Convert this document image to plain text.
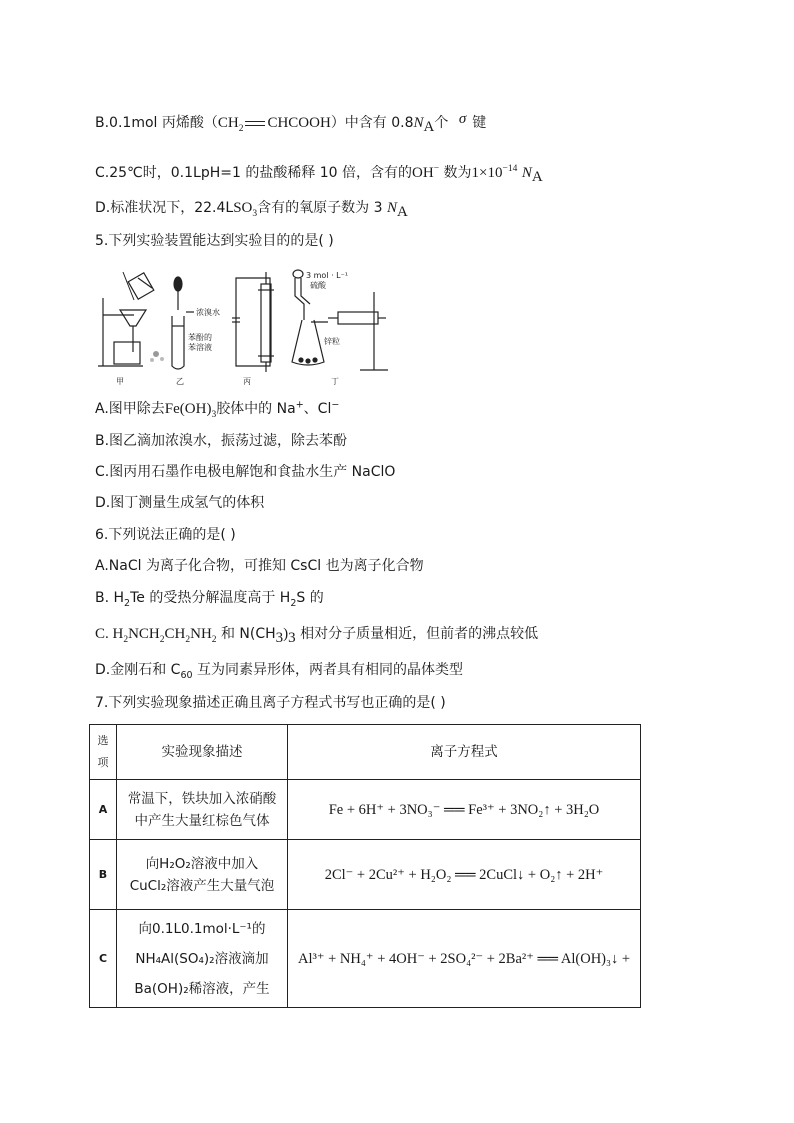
B.0.1mol 丙烯酸（$CH_2$ CHCOOH）中含有 $0.8N_A$个 σ 键
C.25℃时，0.1LpH=1 的盐酸稀释 10 倍，含有的OH− 数为$1\times 10^{-14}$ $N_A$
D.标准状况下，$22.4LSO_3$含有的氧原子数为 3 $N_A$
5.下列实验装置能达到实验目的的是( )
浓溴水
苯酚的
苯溶液
3 mol · L⁻¹
硫酸
锌粒
甲	乙	丙	丁
A.图甲除去$Fe(OH)_3$胶体中的 Na+、Cl−
B.图乙滴加浓溴水，振荡过滤，除去苯酚
C.图丙用石墨作电极电解饱和食盐水生产 NaClO
D.图丁测量生成氢气的体积
6.下列说法正确的是( )
A.NaCl 为离子化合物，可推知 CsCl 也为离子化合物
B. $H_2Te$ 的受热分解温度高于 $H_2S$ 的
C. $H_2NCH_2CH_2NH_2$ 和 $N(CH_3)_3$ 相对分子质量相近，但前者的沸点较低
D.金刚石和 $C_{60}$ 互为同素异形体，两者具有相同的晶体类型
7.下列实验现象描述正确且离子方程式书写也正确的是( )
选
项	实验现象描述	离子方程式
A	常温下，铁块加入浓硝酸
中产生大量红棕色气体	Fe + 6H⁺ + 3NO₃⁻ ══ Fe³⁺ + 3NO₂↑ + 3H₂O
B	向H₂O₂溶液中加入
CuCl₂溶液产生大量气泡	2Cl⁻ + 2Cu²⁺ + H₂O₂ ══ 2CuCl↓ + O₂↑ + 2H⁺
C	向0.1L0.1mol·L⁻¹的
NH₄Al(SO₄)₂溶液滴加
Ba(OH)₂稀溶液，产生	Al³⁺ + NH₄⁺ + 4OH⁻ + 2SO₄²⁻ + 2Ba²⁺ ══ Al(OH)₃↓ +
